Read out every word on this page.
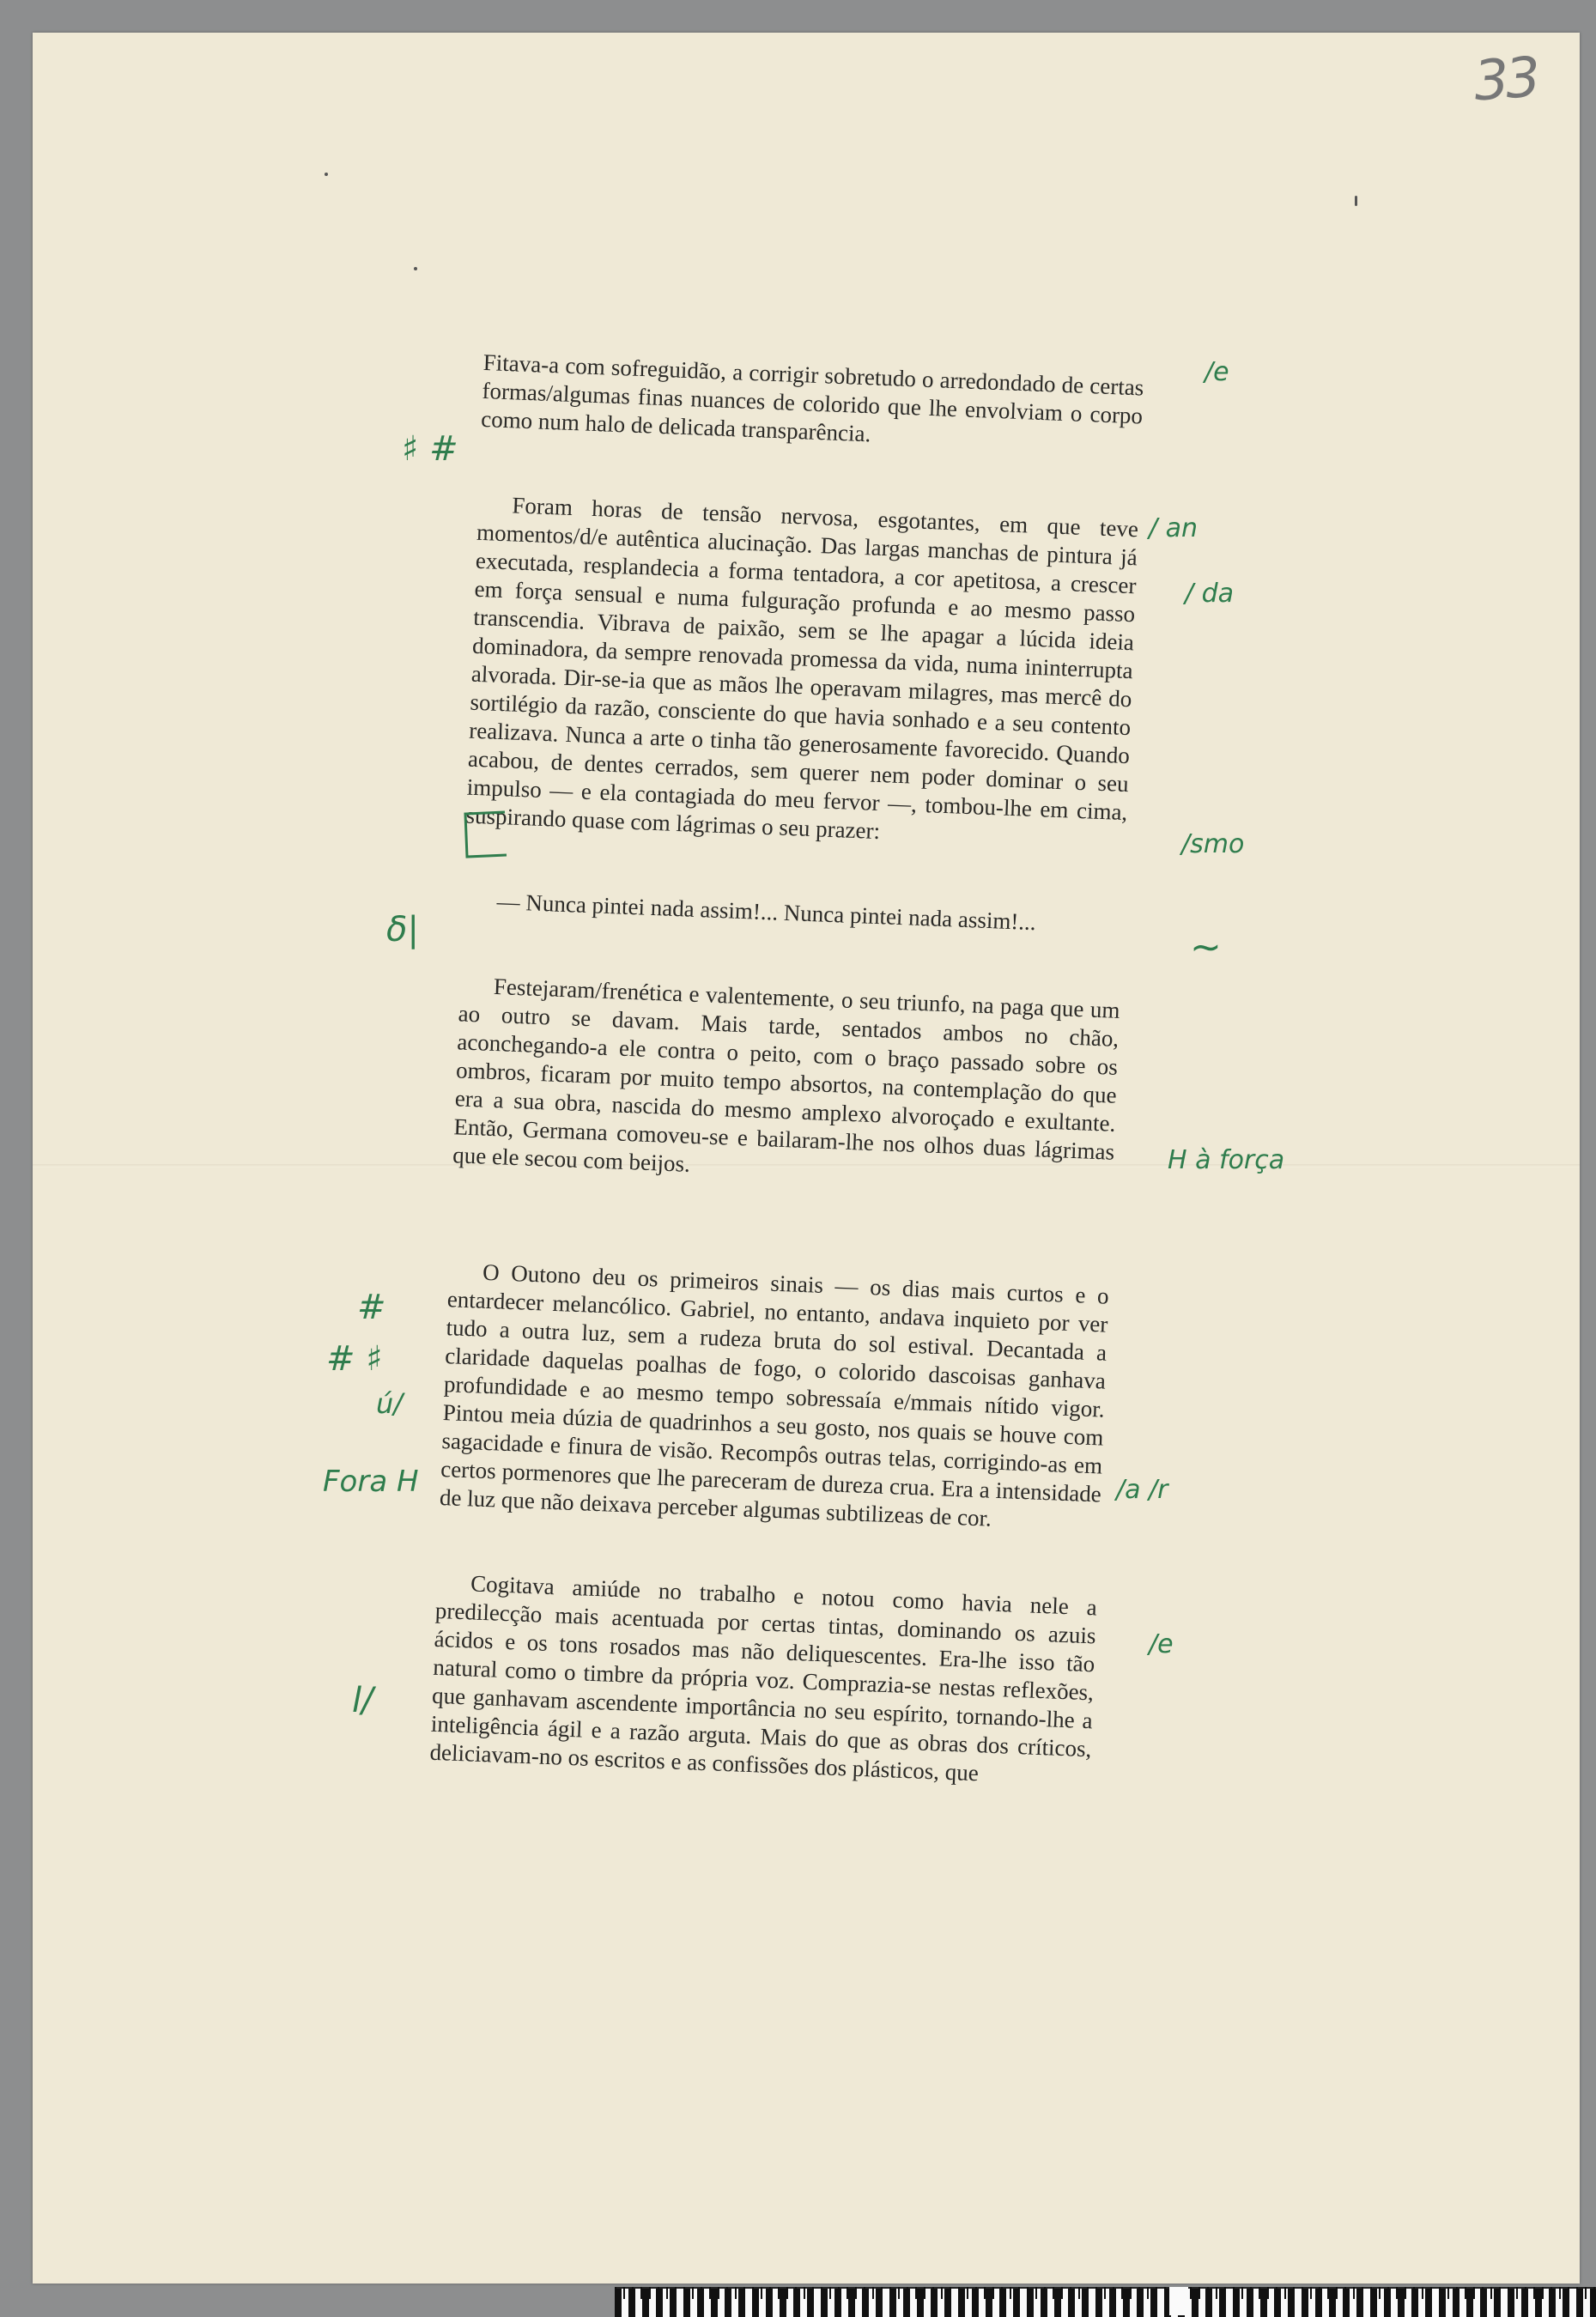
33

Fitava-a com sofreguidão, a corrigir sobretudo o arredondado de certas formas/algumas finas nuances de colorido que lhe envolviam o corpo como num halo de delicada transparência.

Foram horas de tensão nervosa, esgotantes, em que teve momentos/d/e autêntica alucinação. Das largas manchas de pintura já executada, resplandecia a forma tentadora, a cor apetitosa, a crescer em força sensual e numa fulguração profunda e ao mesmo passo transcendia. Vibrava de paixão, sem se lhe apagar a lúcida ideia dominadora, da sempre renovada promessa da vida, numa ininterrupta alvorada. Dir-se-ia que as mãos lhe operavam milagres, mas mercê do sortilégio da razão, consciente do que havia sonhado e a seu contento realizava. Nunca a arte o tinha tão generosamente favorecido. Quando acabou, de dentes cerrados, sem querer nem poder dominar o seu impulso — e ela contagiada do meu fervor —, tombou-lhe em cima, suspirando quase com lágrimas o seu prazer:

— Nunca pintei nada assim!... Nunca pintei nada assim!...

Festejaram/frenética e valentemente, o seu triunfo, na paga que um ao outro se davam. Mais tarde, sentados ambos no chão, aconchegando-a ele contra o peito, com o braço passado sobre os ombros, ficaram por muito tempo absortos, na contemplação do que era a sua obra, nascida do mesmo amplexo alvoroçado e exultante. Então, Germana comoveu-se e bailaram-lhe nos olhos duas lágrimas que ele secou com beijos.

O Outono deu os primeiros sinais — os dias mais curtos e o entardecer melancólico. Gabriel, no entanto, andava inquieto por ver tudo a outra luz, sem a rudeza bruta do sol estival. Decantada a claridade daquelas poalhas de fogo, o colorido dascoisas ganhava profundidade e ao mesmo tempo sobressaía e/mmais nítido vigor. Pintou meia dúzia de quadrinhos a seu gosto, nos quais se houve com sagacidade e finura de visão. Recompôs outras telas, corrigindo-as em certos pormenores que lhe pareceram de dureza crua. Era a intensidade de luz que não deixava perceber algumas subtilizeas de cor.

Cogitava amiúde no trabalho e notou como havia nele a predilecção mais acentuada por certas tintas, dominando os azuis ácidos e os tons rosados mas não deliquescentes. Era-lhe isso tão natural como o timbre da própria voz. Comprazia-se nestas reflexões, que ganhavam ascendente importância no seu espírito, tornando-lhe a inteligência ágil e a razão arguta. Mais do que as obras dos críticos, deliciavam-no os escritos e as confissões dos plásticos, que

♯ #
δ|
#
# ♯
ú/
Fora H
l/
/e
/ an
/ da
/smo
∼
H à força
/a /r
/e
